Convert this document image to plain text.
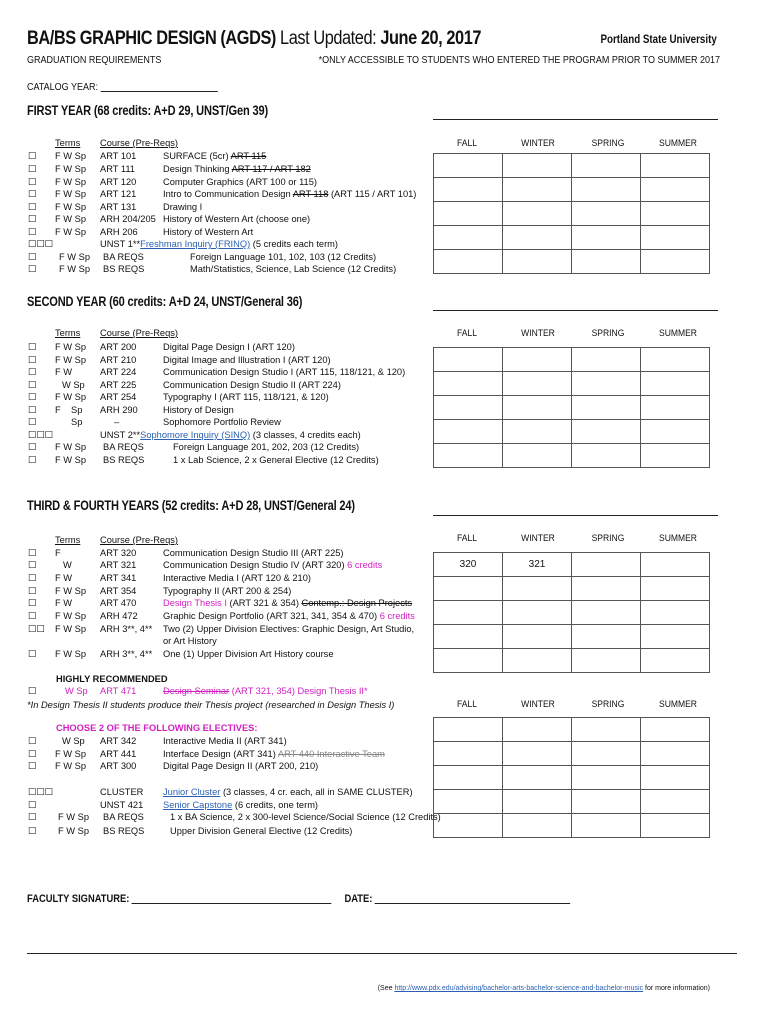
BA/BS GRAPHIC DESIGN (AGDS) Last Updated: June 20, 2017	Portland State University
GRADUATION REQUIREMENTS	*ONLY ACCESSIBLE TO STUDENTS WHO ENTERED THE PROGRAM PRIOR TO SUMMER 2017
CATALOG YEAR:
FIRST YEAR (68 credits: A+D 29, UNST/Gen 39)
Terms Course (Pre-Reqs)	FALL	WINTER	SPRING	SUMMER

☐ F W Sp ART 101	SURFACE (5cr) ART 115
☐ F W Sp ART 111	Design Thinking ART 117 / ART 182
☐ F W Sp ART 120	Computer Graphics (ART 100 or 115)
☐ F W Sp ART 121	Intro to Communication Design ART 118 (ART 115 / ART 101)
☐ F W Sp ART 131	Drawing I
☐ F W Sp ARH 204/205 History of Western Art (choose one)
☐ F W Sp ARH 206	History of Western Art
☐☐☐	UNST 1**Freshman Inquiry (FRINQ) (5 credits each term)
☐ F W Sp BA REQS	Foreign Language 101, 102, 103 (12 Credits)
☐ F W Sp BS REQS	Math/Statistics, Science, Lab Science (12 Credits)
SECOND YEAR (60 credits: A+D 24, UNST/General 36)
Terms Course (Pre-Reqs)	FALL	WINTER	SPRING	SUMMER

☐ F W Sp ART 200	Digital Page Design I (ART 120)
☐ F W Sp ART 210	Digital Image and Illustration I (ART 120)
☐ F W	ART 224	Communication Design Studio I (ART 115, 118/121, & 120)
☐	W Sp ART 225	Communication Design Studio II (ART 224)
☐ F W Sp ART 254	Typography I (ART 115, 118/121, & 120)
☐ F    Sp ARH 290	History of Design
☐	Sp	–	Sophomore Portfolio Review
☐☐☐	UNST 2**Sophomore Inquiry (SINQ) (3 classes, 4 credits each)
☐ F W Sp BA REQS	Foreign Language 201, 202, 203 (12 Credits)
☐ F W Sp BS REQS	1 x Lab Science, 2 x General Elective (12 Credits)
THIRD & FOURTH YEARS (52 credits: A+D 28, UNST/General 24)
Terms Course (Pre-Reqs)	FALL	WINTER	SPRING	SUMMER
320	321		

☐ F	ART 320	Communication Design Studio III (ART 225)
☐	W	ART 321	Communication Design Studio IV (ART 320) 6 credits
☐ F W	ART 341	Interactive Media I (ART 120 & 210)
☐ F W Sp ART 354	Typography II (ART 200 & 254)
☐ F W	ART 470	Design Thesis I (ART 321 & 354) Contemp.: Design Projects
☐ F W Sp ARH 472	Graphic Design Portfolio (ART 321, 341, 354 & 470) 6 credits
☐☐ F W Sp ARH 3**, 4** Two (2) Upper Division Electives: Graphic Design, Art Studio,
or Art History
☐ F W Sp ARH 3**, 4** One (1) Upper Division Art History course
HIGHLY RECOMMENDED
☐	W Sp ART 471	Design Seminar (ART 321, 354) Design Thesis II*
*In Design Thesis II students produce their Thesis project (researched in Design Thesis I)	FALL	WINTER	SPRING	SUMMER

CHOOSE 2 OF THE FOLLOWING ELECTIVES:
☐	W Sp ART 342	Interactive Media II (ART 341)
☐ F W Sp ART 441	Interface Design (ART 341) ART 440 Interactive Team
☐ F W Sp ART 300	Digital Page Design II (ART 200, 210)
☐☐☐	CLUSTER Junior Cluster (3 classes, 4 cr. each, all in SAME CLUSTER)
☐	UNST 421 Senior Capstone (6 credits, one term)
☐ F W Sp BA REQS	1 x BA Science, 2 x 300-level Science/Social Science (12 Credits)
☐ F W Sp BS REQS	Upper Division General Elective (12 Credits)
FACULTY SIGNATURE:	DATE:
(See http://www.pdx.edu/advising/bachelor-arts-bachelor-science-and-bachelor-music for more information)
